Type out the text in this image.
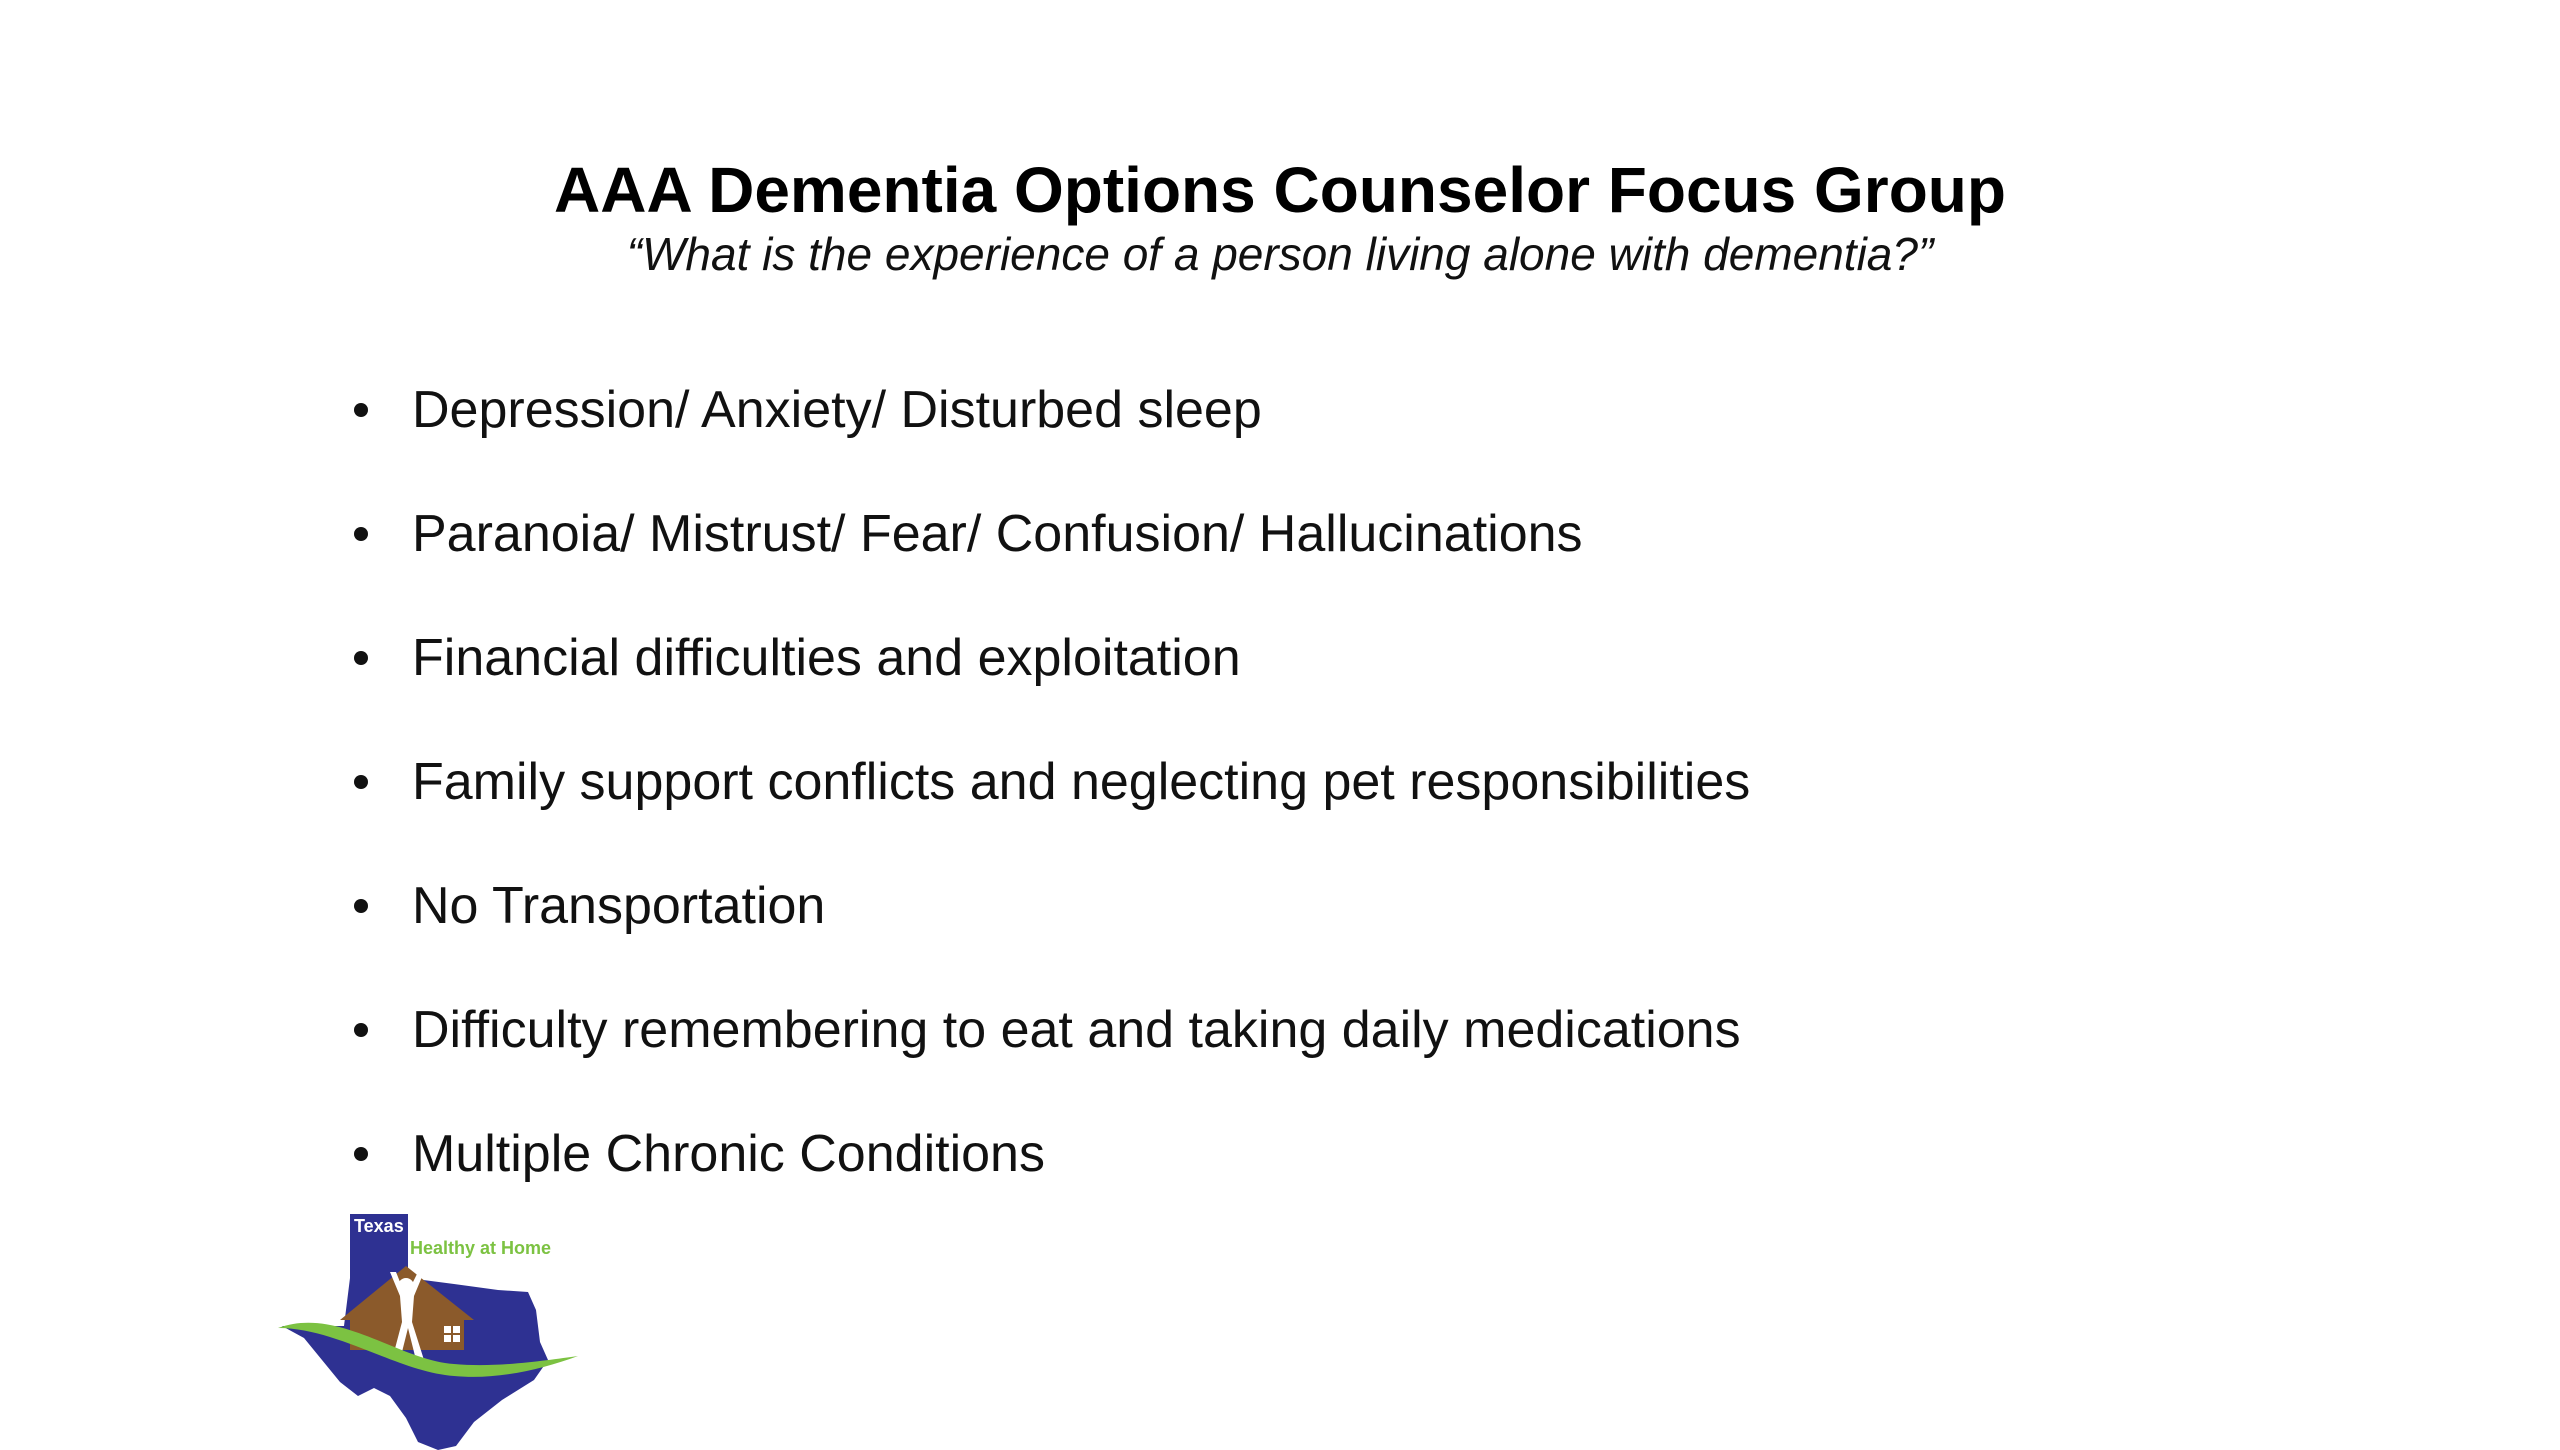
AAA Dementia Options Counselor Focus Group

“What is the experience of a person living alone with dementia?”

Depression/ Anxiety/ Disturbed sleep
Paranoia/ Mistrust/ Fear/ Confusion/ Hallucinations
Financial difficulties and exploitation
Family support conflicts and neglecting pet responsibilities
No Transportation
Difficulty remembering to eat and taking daily medications
Multiple Chronic Conditions
Texas
Healthy at Home
